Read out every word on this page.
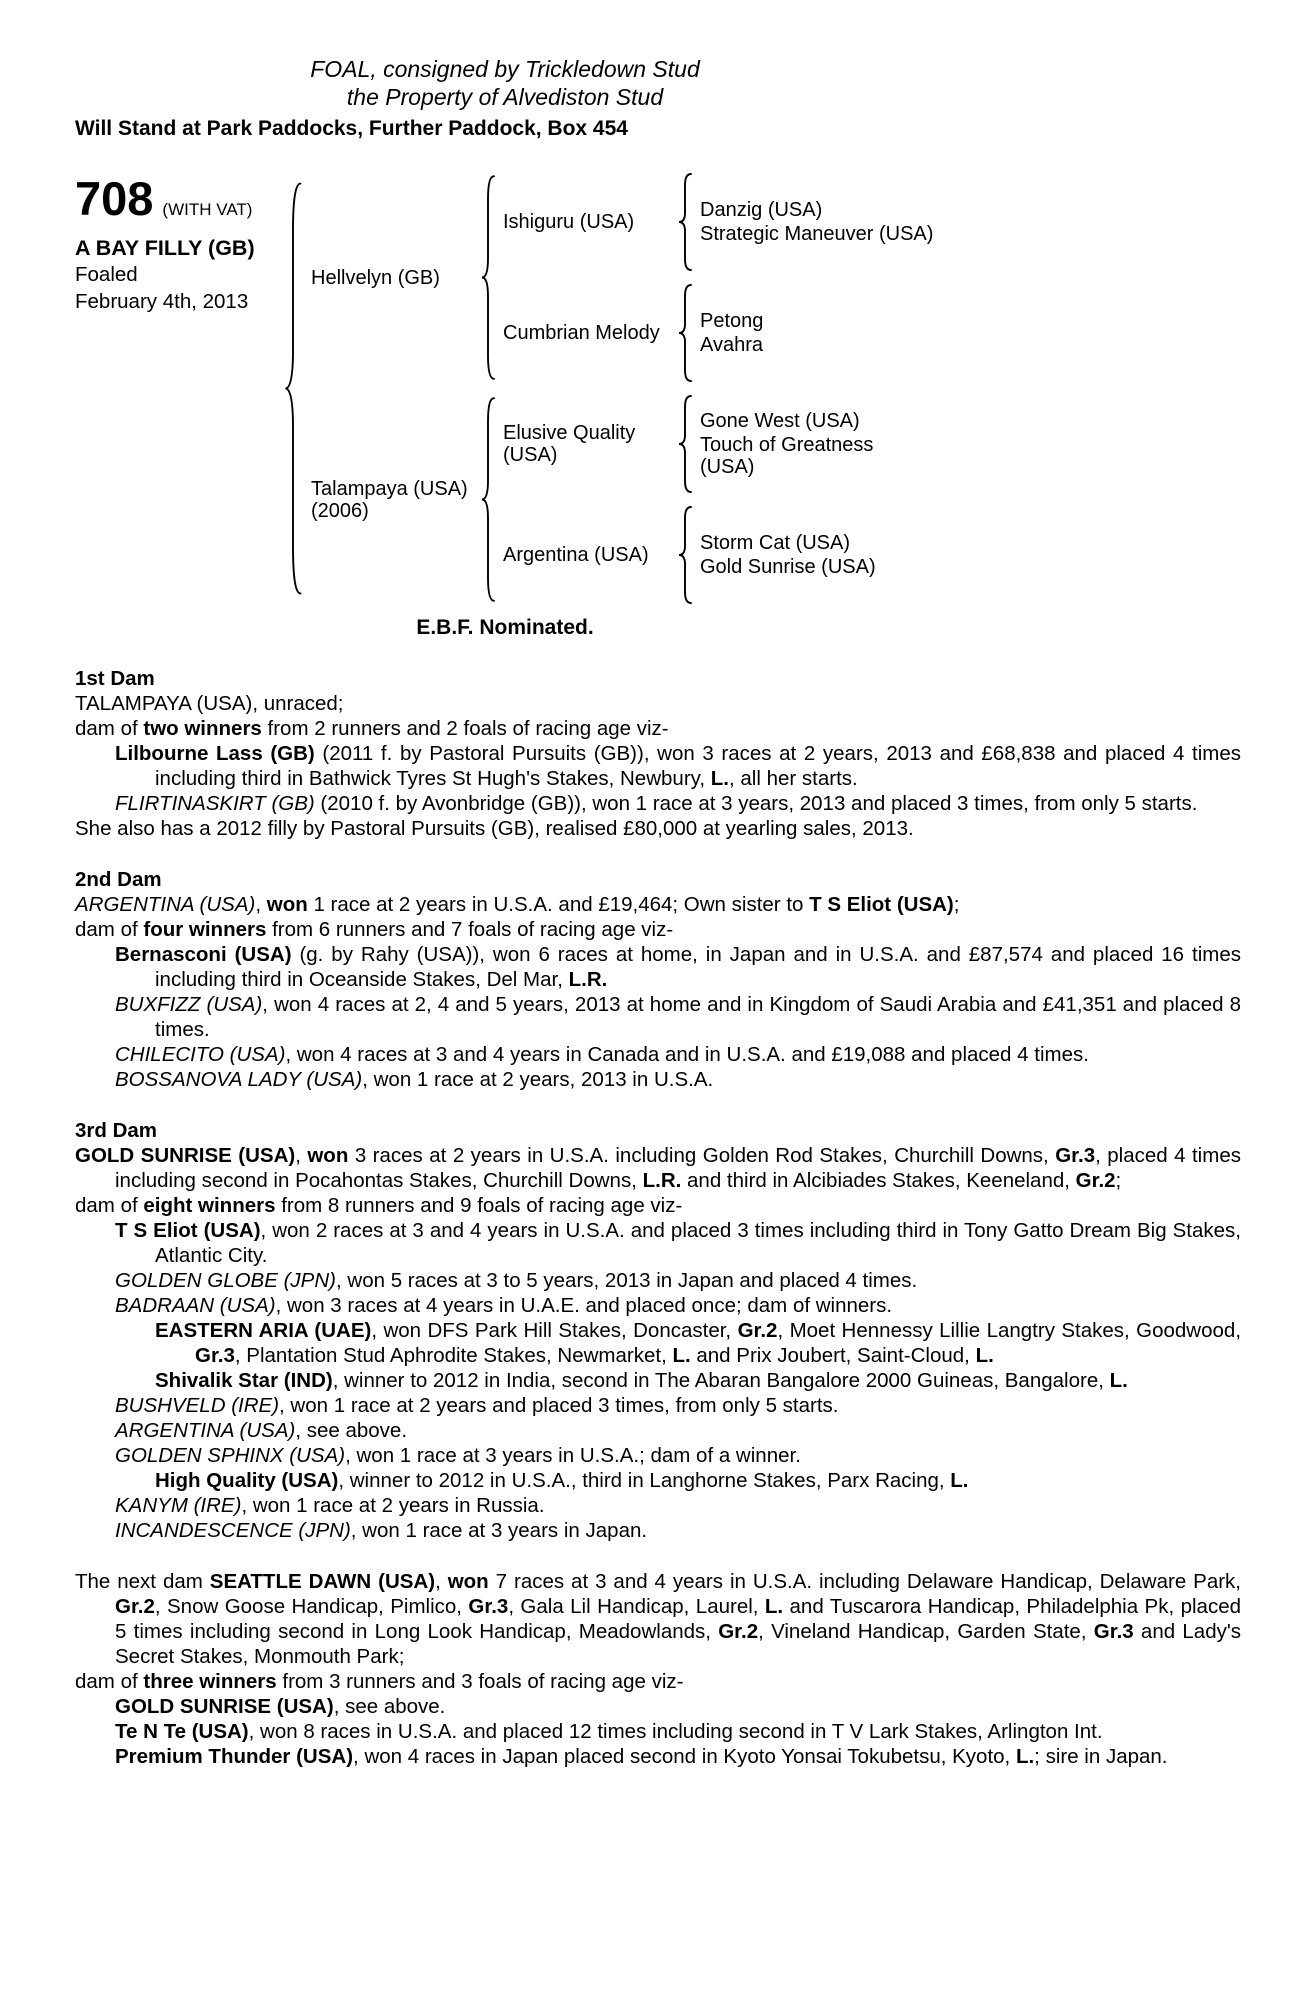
FOAL, consigned by Trickledown Stud
the Property of Alvediston Stud
Will Stand at Park Paddocks, Further Paddock, Box 454
708 (WITH VAT)
A BAY FILLY (GB)
Foaled
February 4th, 2013
Hellvelyn (GB)
Ishiguru (USA)
Danzig (USA)
Strategic Maneuver (USA)
Cumbrian Melody
Petong
Avahra
Talampaya (USA) (2006)
Elusive Quality (USA)
Gone West (USA)
Touch of Greatness (USA)
Argentina (USA)
Storm Cat (USA)
Gold Sunrise (USA)
E.B.F. Nominated.
1st Dam
TALAMPAYA (USA), unraced;
dam of two winners from 2 runners and 2 foals of racing age viz-
Lilbourne Lass (GB) (2011 f. by Pastoral Pursuits (GB)), won 3 races at 2 years, 2013 and £68,838 and placed 4 times including third in Bathwick Tyres St Hugh's Stakes, Newbury, L., all her starts.
FLIRTINASKIRT (GB) (2010 f. by Avonbridge (GB)), won 1 race at 3 years, 2013 and placed 3 times, from only 5 starts.
She also has a 2012 filly by Pastoral Pursuits (GB), realised £80,000 at yearling sales, 2013.
2nd Dam
ARGENTINA (USA), won 1 race at 2 years in U.S.A. and £19,464; Own sister to T S Eliot (USA);
dam of four winners from 6 runners and 7 foals of racing age viz-
Bernasconi (USA) (g. by Rahy (USA)), won 6 races at home, in Japan and in U.S.A. and £87,574 and placed 16 times including third in Oceanside Stakes, Del Mar, L.R.
BUXFIZZ (USA), won 4 races at 2, 4 and 5 years, 2013 at home and in Kingdom of Saudi Arabia and £41,351 and placed 8 times.
CHILECITO (USA), won 4 races at 3 and 4 years in Canada and in U.S.A. and £19,088 and placed 4 times.
BOSSANOVA LADY (USA), won 1 race at 2 years, 2013 in U.S.A.
3rd Dam
GOLD SUNRISE (USA), won 3 races at 2 years in U.S.A. including Golden Rod Stakes, Churchill Downs, Gr.3, placed 4 times including second in Pocahontas Stakes, Churchill Downs, L.R. and third in Alcibiades Stakes, Keeneland, Gr.2;
dam of eight winners from 8 runners and 9 foals of racing age viz-
T S Eliot (USA), won 2 races at 3 and 4 years in U.S.A. and placed 3 times including third in Tony Gatto Dream Big Stakes, Atlantic City.
GOLDEN GLOBE (JPN), won 5 races at 3 to 5 years, 2013 in Japan and placed 4 times.
BADRAAN (USA), won 3 races at 4 years in U.A.E. and placed once; dam of winners.
EASTERN ARIA (UAE), won DFS Park Hill Stakes, Doncaster, Gr.2, Moet Hennessy Lillie Langtry Stakes, Goodwood, Gr.3, Plantation Stud Aphrodite Stakes, Newmarket, L. and Prix Joubert, Saint-Cloud, L.
Shivalik Star (IND), winner to 2012 in India, second in The Abaran Bangalore 2000 Guineas, Bangalore, L.
BUSHVELD (IRE), won 1 race at 2 years and placed 3 times, from only 5 starts.
ARGENTINA (USA), see above.
GOLDEN SPHINX (USA), won 1 race at 3 years in U.S.A.; dam of a winner.
High Quality (USA), winner to 2012 in U.S.A., third in Langhorne Stakes, Parx Racing, L.
KANYM (IRE), won 1 race at 2 years in Russia.
INCANDESCENCE (JPN), won 1 race at 3 years in Japan.
The next dam SEATTLE DAWN (USA), won 7 races at 3 and 4 years in U.S.A. including Delaware Handicap, Delaware Park, Gr.2, Snow Goose Handicap, Pimlico, Gr.3, Gala Lil Handicap, Laurel, L. and Tuscarora Handicap, Philadelphia Pk, placed 5 times including second in Long Look Handicap, Meadowlands, Gr.2, Vineland Handicap, Garden State, Gr.3 and Lady's Secret Stakes, Monmouth Park;
dam of three winners from 3 runners and 3 foals of racing age viz-
GOLD SUNRISE (USA), see above.
Te N Te (USA), won 8 races in U.S.A. and placed 12 times including second in T V Lark Stakes, Arlington Int.
Premium Thunder (USA), won 4 races in Japan placed second in Kyoto Yonsai Tokubetsu, Kyoto, L.; sire in Japan.
